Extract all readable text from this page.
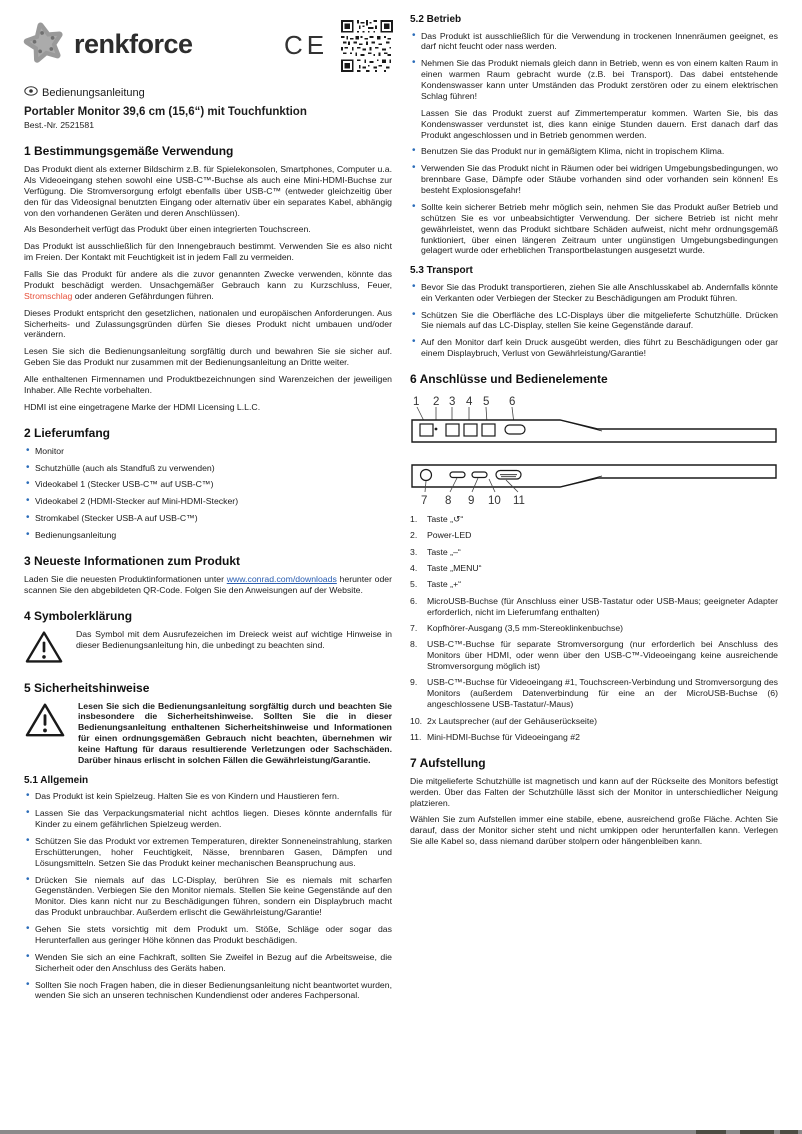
renkforce	CE
Bedienungsanleitung
Portabler Monitor 39,6 cm (15,6“) mit Touchfunktion
Best.-Nr. 2521581
1 Bestimmungsgemäße Verwendung

Das Produkt dient als externer Bildschirm z.B. für Spielekonsolen, Smartphones, Computer u.a. Als Videoeingang stehen sowohl eine USB-C™-Buchse als auch eine Mini-HDMI-Buchse zur Verfügung. Die Stromversorgung erfolgt ebenfalls über USB-C™ (entweder gleichzeitig über den für das Videosignal benutzten Eingang oder alternativ über ein separates Kabel, abhängig von den vorhandenen Geräten und deren Anschlüssen).

Als Besonderheit verfügt das Produkt über einen integrierten Touchscreen.

Das Produkt ist ausschließlich für den Innengebrauch bestimmt. Verwenden Sie es also nicht im Freien. Der Kontakt mit Feuchtigkeit ist in jedem Fall zu vermeiden.

Falls Sie das Produkt für andere als die zuvor genannten Zwecke verwenden, könnte das Produkt beschädigt werden. Unsachgemäßer Gebrauch kann zu Kurzschluss, Feuer, Stromschlag oder anderen Gefährdungen führen.

Dieses Produkt entspricht den gesetzlichen, nationalen und europäischen Anforderungen. Aus Sicherheits- und Zulassungsgründen dürfen Sie dieses Produkt nicht umbauen und/oder verändern.

Lesen Sie sich die Bedienungsanleitung sorgfältig durch und bewahren Sie sie sicher auf. Geben Sie das Produkt nur zusammen mit der Bedienungsanleitung an Dritte weiter.

Alle enthaltenen Firmennamen und Produktbezeichnungen sind Warenzeichen der jeweiligen Inhaber. Alle Rechte vorbehalten.

HDMI ist eine eingetragene Marke der HDMI Licensing L.L.C.

2 Lieferumfang
• Monitor
• Schutzhülle (auch als Standfuß zu verwenden)
• Videokabel 1 (Stecker USB-C™ auf USB-C™)
• Videokabel 2 (HDMI-Stecker auf Mini-HDMI-Stecker)
• Stromkabel (Stecker USB-A auf USB-C™)
• Bedienungsanleitung
3 Neueste Informationen zum Produkt

Laden Sie die neuesten Produktinformationen unter www.conrad.com/downloads herunter oder scannen Sie den abgebildeten QR-Code. Folgen Sie den Anweisungen auf der Website.

4 Symbolerklärung
Das Symbol mit dem Ausrufezeichen im Dreieck weist auf wichtige Hinweise in dieser Bedienungsanleitung hin, die unbedingt zu beachten sind.
5 Sicherheitshinweise
Lesen Sie sich die Bedienungsanleitung sorgfältig durch und beachten Sie insbesondere die Sicherheitshinweise. Sollten Sie die in dieser Bedienungsanleitung enthaltenen Sicherheitshinweise und Informationen für einen ordnungsgemäßen Gebrauch nicht beachten, übernehmen wir keine Haftung für daraus resultierende Verletzungen oder Sachschäden. Darüber hinaus erlischt in solchen Fällen die Gewährleistung/Garantie.
5.1 Allgemein
• Das Produkt ist kein Spielzeug. Halten Sie es von Kindern und Haustieren fern.
• Lassen Sie das Verpackungsmaterial nicht achtlos liegen. Dieses könnte andernfalls für Kinder zu einem gefährlichen Spielzeug werden.
• Schützen Sie das Produkt vor extremen Temperaturen, direkter Sonneneinstrahlung, starken Erschütterungen, hoher Feuchtigkeit, Nässe, brennbaren Gasen, Dämpfen und Lösungsmitteln. Setzen Sie das Produkt keiner mechanischen Beanspruchung aus.
• Drücken Sie niemals auf das LC-Display, berühren Sie es niemals mit scharfen Gegenständen. Verbiegen Sie den Monitor niemals. Stellen Sie keine Gegenstände auf den Monitor. Dies kann nicht nur zu Beschädigungen führen, sondern ein Displaybruch macht das Produkt unbrauchbar. Außerdem erlischt die Gewährleistung/Garantie!
• Gehen Sie stets vorsichtig mit dem Produkt um. Stöße, Schläge oder sogar das Herunterfallen aus geringer Höhe können das Produkt beschädigen.
• Wenden Sie sich an eine Fachkraft, sollten Sie Zweifel in Bezug auf die Arbeitsweise, die Sicherheit oder den Anschluss des Geräts haben.
• Sollten Sie noch Fragen haben, die in dieser Bedienungsanleitung nicht beantwortet wurden, wenden Sie sich an unseren technischen Kundendienst oder anderes Fachpersonal.
5.2 Betrieb
• Das Produkt ist ausschließlich für die Verwendung in trockenen Innenräumen geeignet, es darf nicht feucht oder nass werden.
• Nehmen Sie das Produkt niemals gleich dann in Betrieb, wenn es von einem kalten Raum in einen warmen Raum gebracht wurde (z.B. bei Transport). Das dabei entstehende Kondenswasser kann unter Umständen das Produkt zerstören oder zu einem elektrischen Schlag führen!
Lassen Sie das Produkt zuerst auf Zimmertemperatur kommen. Warten Sie, bis das Kondenswasser verdunstet ist, dies kann einige Stunden dauern. Erst danach darf das Produkt angeschlossen und in Betrieb genommen werden.
• Benutzen Sie das Produkt nur in gemäßigtem Klima, nicht in tropischem Klima.
• Verwenden Sie das Produkt nicht in Räumen oder bei widrigen Umgebungsbedingungen, wo brennbare Gase, Dämpfe oder Stäube vorhanden sind oder vorhanden sein können! Es besteht Explosionsgefahr!
• Sollte kein sicherer Betrieb mehr möglich sein, nehmen Sie das Produkt außer Betrieb und schützen Sie es vor unbeabsichtigter Verwendung. Der sichere Betrieb ist nicht mehr gewährleistet, wenn das Produkt sichtbare Schäden aufweist, nicht mehr ordnungsgemäß funktioniert, über einen längeren Zeitraum unter ungünstigen Umgebungsbedingungen gelagert wurde oder erheblichen Transportbelastungen ausgesetzt wurde.
5.3 Transport
• Bevor Sie das Produkt transportieren, ziehen Sie alle Anschlusskabel ab. Andernfalls könnte ein Verkanten oder Verbiegen der Stecker zu Beschädigungen am Produkt führen.
• Schützen Sie die Oberfläche des LC-Displays über die mitgelieferte Schutzhülle. Drücken Sie niemals auf das LC-Display, stellen Sie keine Gegenstände darauf.
• Auf den Monitor darf kein Druck ausgeübt werden, dies führt zu Beschädigungen oder gar einem Displaybruch, Verlust von Gewährleistung/Garantie!
6 Anschlüsse und Bedienelemente
1 2 3 4 5 6
7 8 9 10 11
1.	Taste „↺“
2.	Power-LED
3.	Taste „–“
4.	Taste „MENU“
5.	Taste „+“
6.	MicroUSB-Buchse (für Anschluss einer USB-Tastatur oder USB-Maus; geeigneter Adapter erforderlich, nicht im Lieferumfang enthalten)
7.	Kopfhörer-Ausgang (3,5 mm-Stereoklinkenbuchse)
8.	USB-C™-Buchse für separate Stromversorgung (nur erforderlich bei Anschluss des Monitors über HDMI, oder wenn über den USB-C™-Videoeingang keine ausreichende Stromversorgung möglich ist)
9.	USB-C™-Buchse für Videoeingang #1, Touchscreen-Verbindung und Stromversorgung des Monitors (außerdem Datenverbindung für eine an der MicroUSB-Buchse (6) angeschlossene USB-Tastatur/-Maus)
10. 2x Lautsprecher (auf der Gehäuserückseite)
11. Mini-HDMI-Buchse für Videoeingang #2
7 Aufstellung

Die mitgelieferte Schutzhülle ist magnetisch und kann auf der Rückseite des Monitors befestigt werden. Über das Falten der Schutzhülle lässt sich der Monitor in unterschiedlicher Neigung platzieren.

Wählen Sie zum Aufstellen immer eine stabile, ebene, ausreichend große Fläche. Achten Sie darauf, dass der Monitor sicher steht und nicht umkippen oder herunterfallen kann. Verlegen Sie alle Kabel so, dass niemand darüber stolpern oder hängenbleiben kann.
